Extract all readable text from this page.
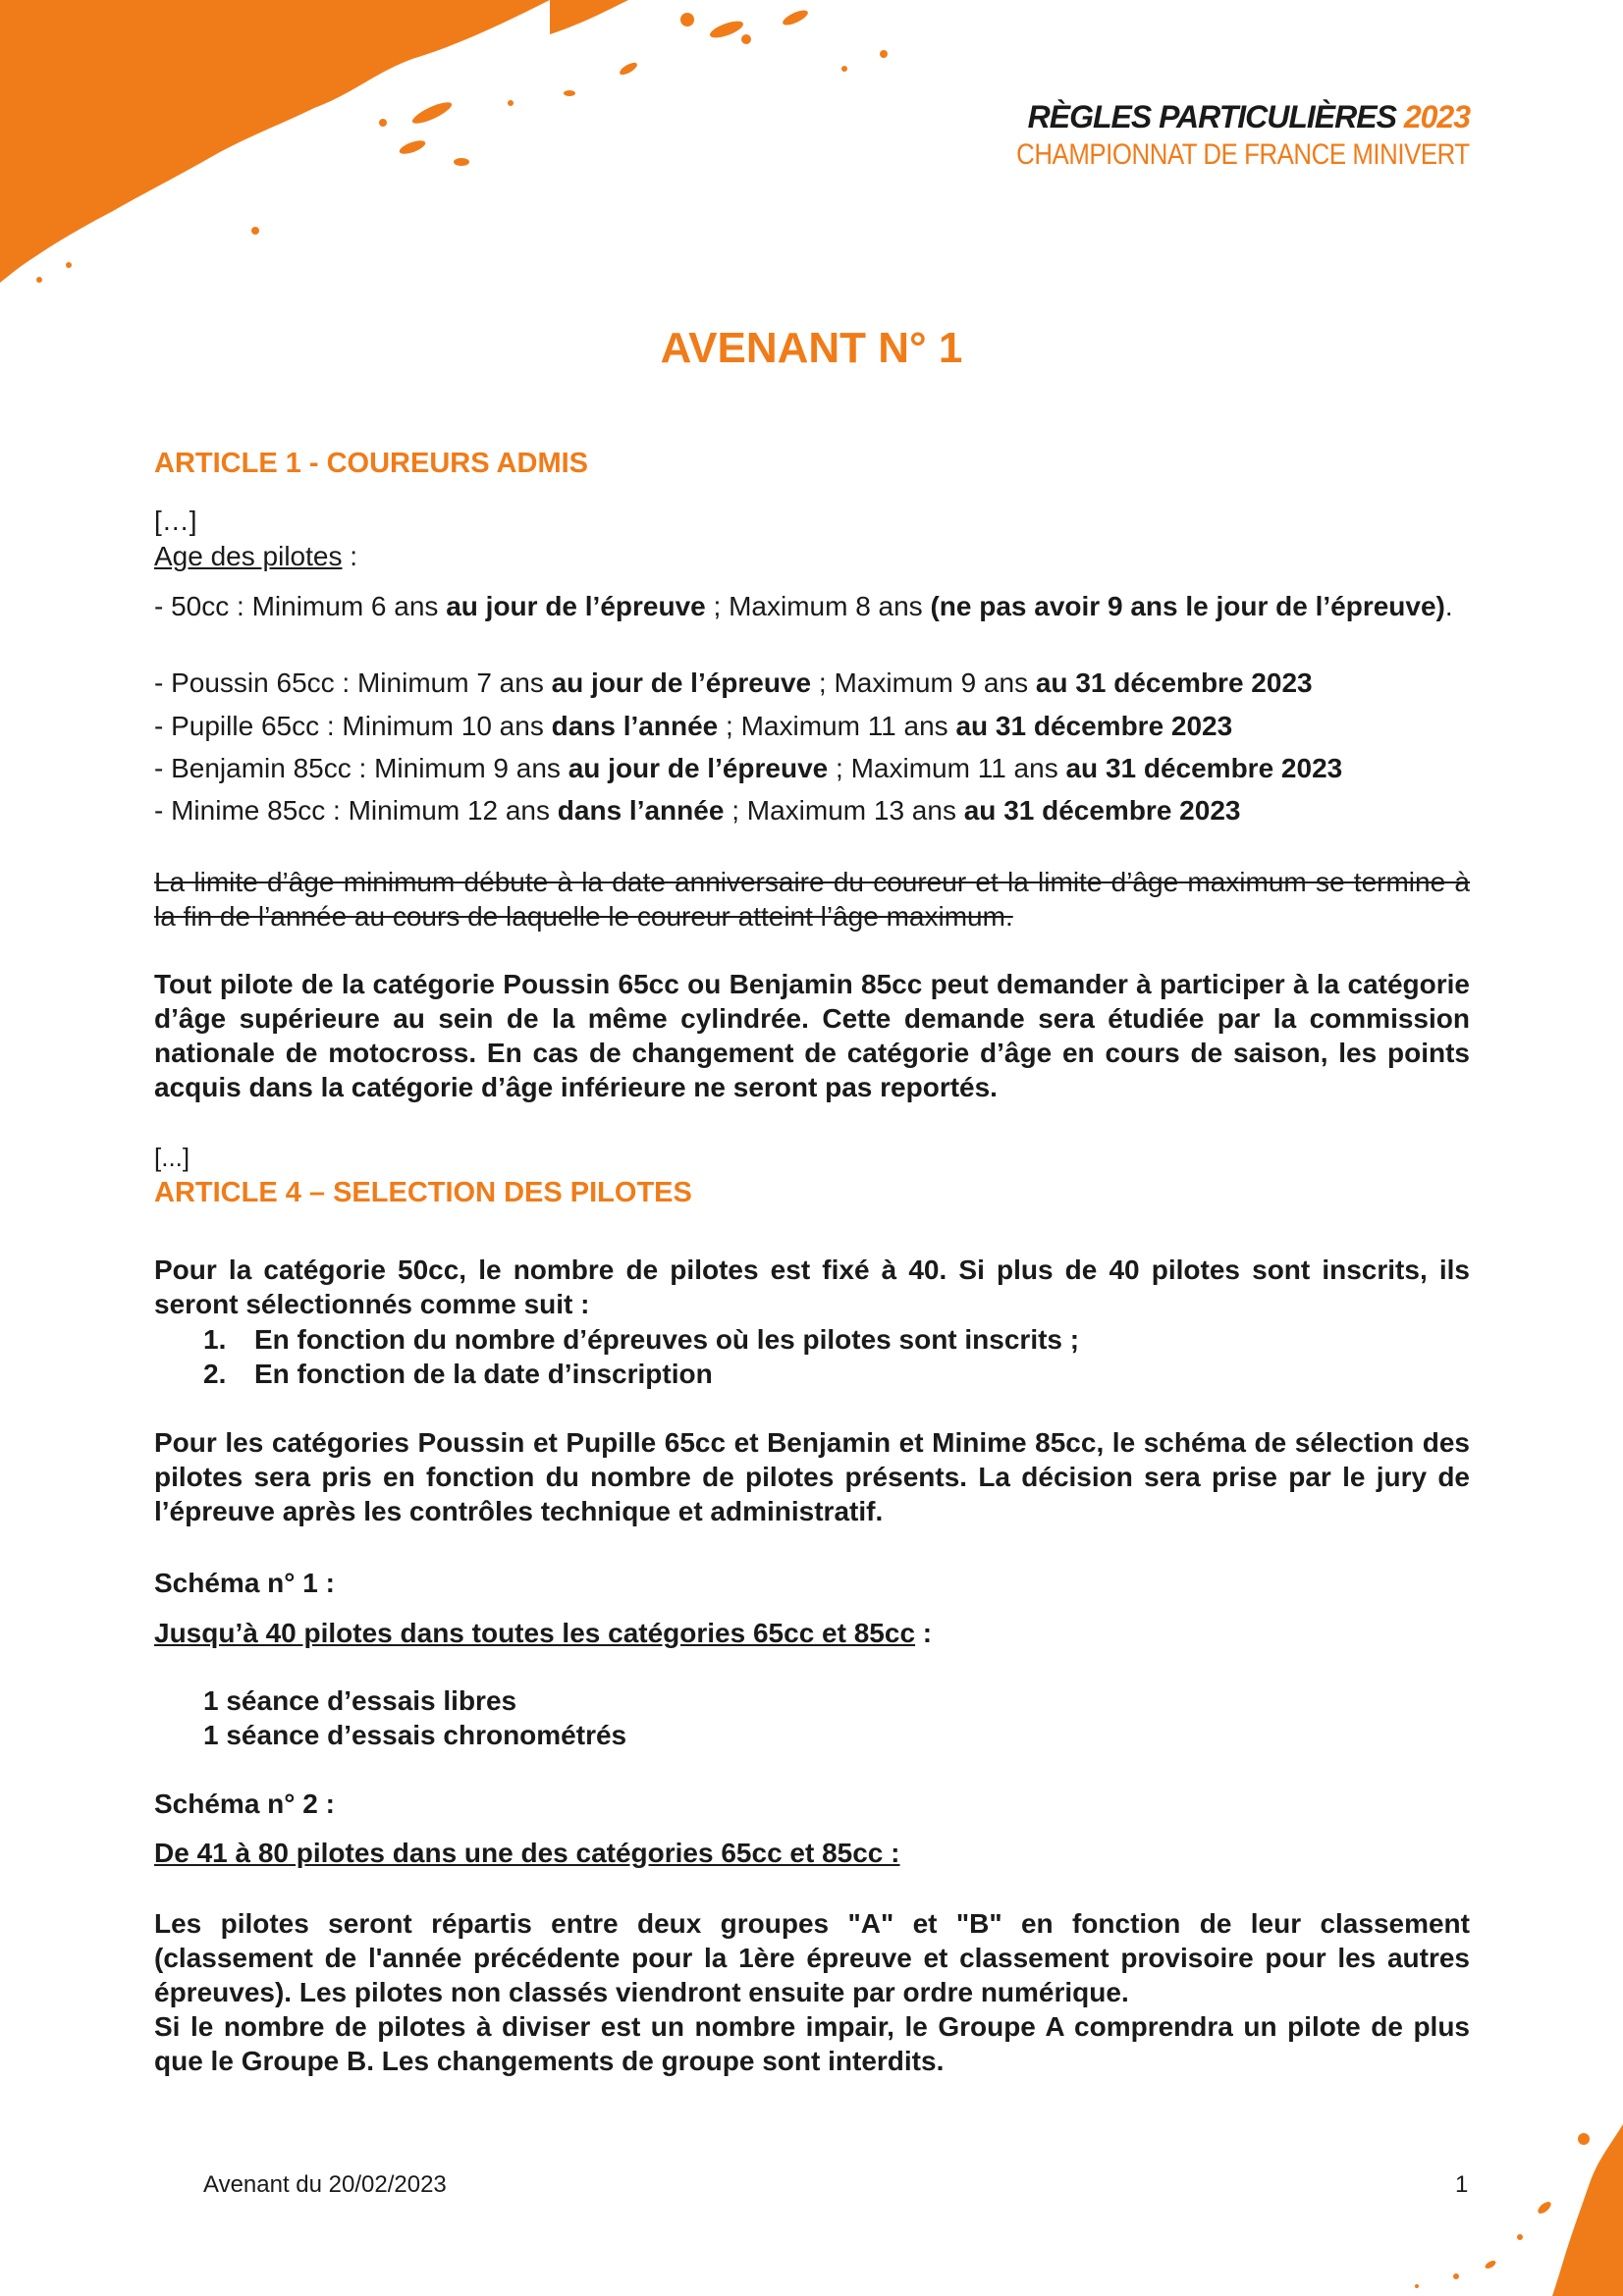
RÈGLES PARTICULIÈRES 2023
CHAMPIONNAT DE FRANCE MINIVERT
AVENANT N° 1
ARTICLE 1 - COUREURS ADMIS
[…]
Age des pilotes :
- 50cc : Minimum 6 ans au jour de l’épreuve ; Maximum 8 ans (ne pas avoir 9 ans le jour de l’épreuve).
- Poussin 65cc : Minimum 7 ans au jour de l’épreuve ; Maximum 9 ans au 31 décembre 2023
- Pupille 65cc : Minimum 10 ans dans l’année ; Maximum 11 ans au 31 décembre 2023
- Benjamin 85cc : Minimum 9 ans au jour de l’épreuve ; Maximum 11 ans au 31 décembre 2023
- Minime 85cc : Minimum 12 ans dans l’année ; Maximum 13 ans au 31 décembre 2023
La limite d’âge minimum débute à la date anniversaire du coureur et la limite d’âge maximum se termine à la fin de l’année au cours de laquelle le coureur atteint l’âge maximum.
Tout pilote de la catégorie Poussin 65cc ou Benjamin 85cc peut demander à participer à la catégorie d’âge supérieure au sein de la même cylindrée. Cette demande sera étudiée par la commission nationale de motocross. En cas de changement de catégorie d’âge en cours de saison, les points acquis dans la catégorie d’âge inférieure ne seront pas reportés.
[...]
ARTICLE 4 – SELECTION DES PILOTES
Pour la catégorie 50cc, le nombre de pilotes est fixé à 40. Si plus de 40 pilotes sont inscrits, ils seront sélectionnés comme suit :
1. En fonction du nombre d’épreuves où les pilotes sont inscrits ;
2. En fonction de la date d’inscription
Pour les catégories Poussin et Pupille 65cc et Benjamin et Minime 85cc, le schéma de sélection des pilotes sera pris en fonction du nombre de pilotes présents. La décision sera prise par le jury de l’épreuve après les contrôles technique et administratif.
Schéma n° 1 :
Jusqu’à 40 pilotes dans toutes les catégories 65cc et 85cc :
1 séance d’essais libres
1 séance d’essais chronométrés
Schéma n° 2 :
De 41 à 80 pilotes dans une des catégories 65cc et 85cc :
Les pilotes seront répartis entre deux groupes "A" et "B" en fonction de leur classement (classement de l'année précédente pour la 1ère épreuve et classement provisoire pour les autres épreuves). Les pilotes non classés viendront ensuite par ordre numérique.
Si le nombre de pilotes à diviser est un nombre impair, le Groupe A comprendra un pilote de plus que le Groupe B. Les changements de groupe sont interdits.
Avenant du 20/02/2023	1
